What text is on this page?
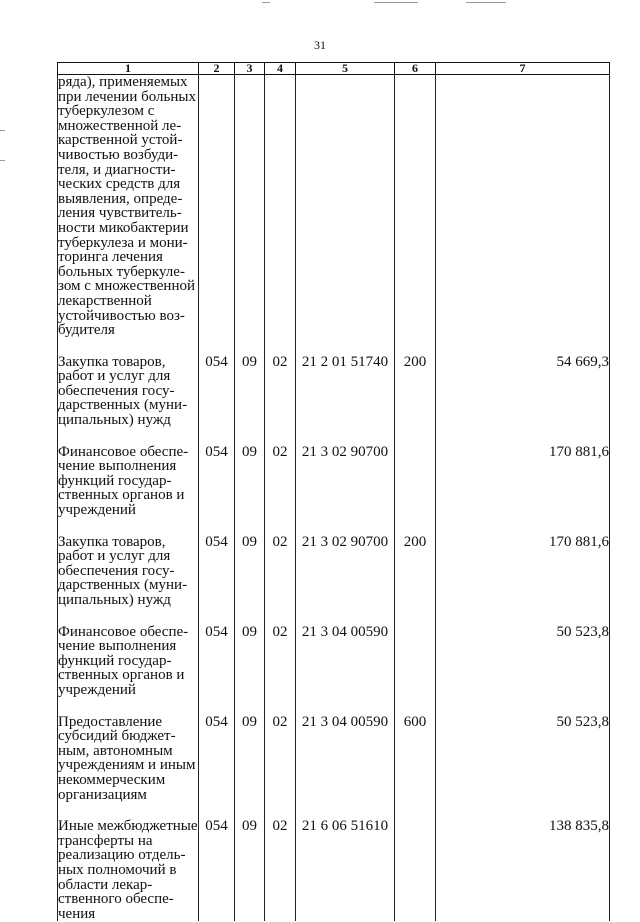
31
1	2	3	4	5	6	7
ряда), применяемых при лечении больных туберкулезом с множественной лекарственной устойчивостью возбудителя, и диагностических средств для выявления, определения чувствительности микобактерии туберкулеза и мониторинга лечения больных туберкулезом с множественной лекарственной устойчивостью возбудителя						

Закупка товаров, работ и услуг для обеспечения государственных (муниципальных) нужд	054	09	02	21 2 01 51740	200	54 669,3

Финансовое обеспечение выполнения функций государственных органов и учреждений	054	09	02	21 3 02 90700		170 881,6

Закупка товаров, работ и услуг для обеспечения государственных (муниципальных) нужд	054	09	02	21 3 02 90700	200	170 881,6

Финансовое обеспечение выполнения функций государственных органов и учреждений	054	09	02	21 3 04 00590		50 523,8

Предоставление субсидий бюджетным, автономным учреждениям и иным некоммерческим организациям	054	09	02	21 3 04 00590	600	50 523,8

Иные межбюджетные трансферты на реализацию отдельных полномочий в области лекарственного обеспечения	054	09	02	21 6 06 51610		138 835,8
